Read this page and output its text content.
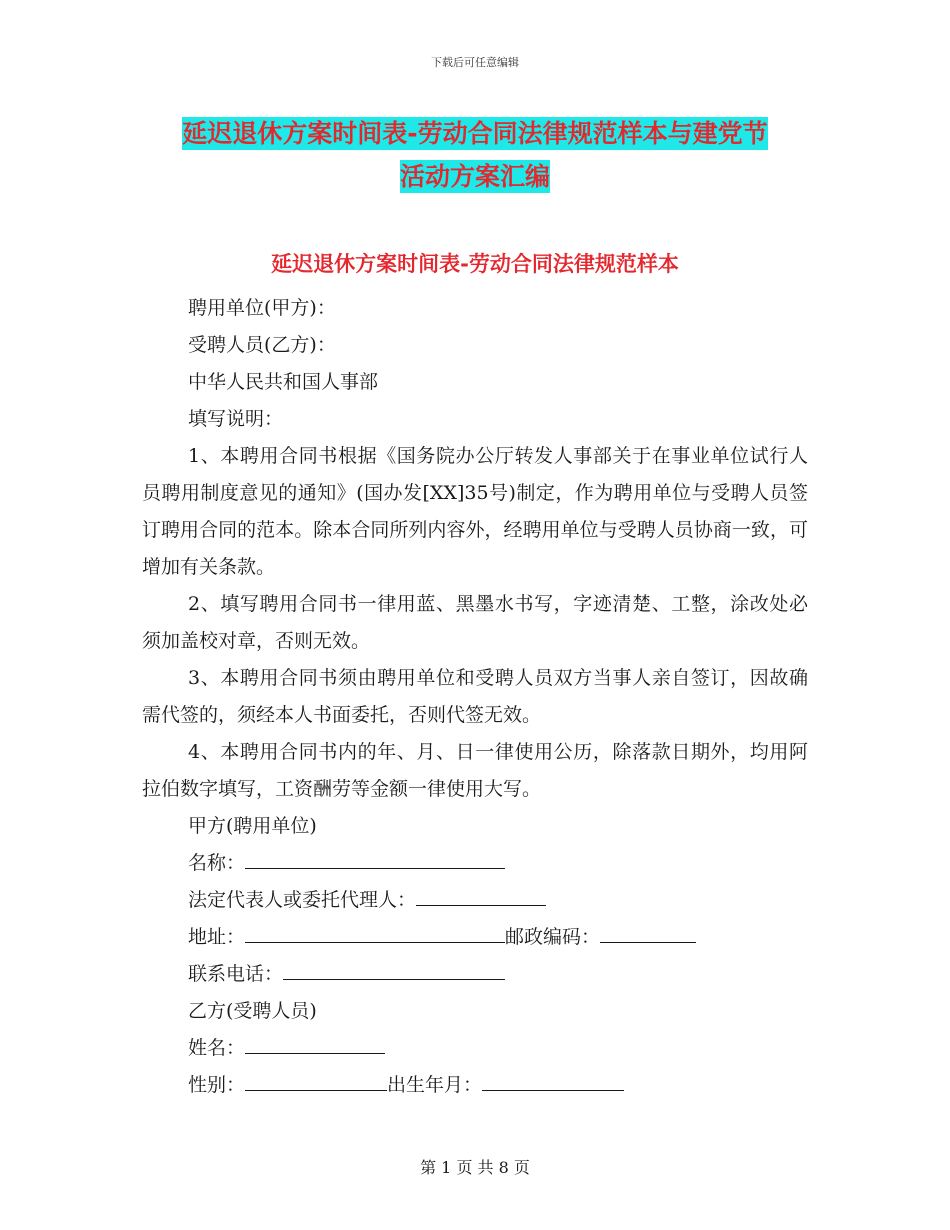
下载后可任意编辑
延迟退休方案时间表-劳动合同法律规范样本与建党节
活动方案汇编
延迟退休方案时间表-劳动合同法律规范样本

聘用单位(甲方)：

受聘人员(乙方)：

中华人民共和国人事部

填写说明：

1、本聘用合同书根据《国务院办公厅转发人事部关于在事业单位试行人员聘用制度意见的通知》(国办发[XX]35号)制定，作为聘用单位与受聘人员签订聘用合同的范本。除本合同所列内容外，经聘用单位与受聘人员协商一致，可增加有关条款。

2、填写聘用合同书一律用蓝、黑墨水书写，字迹清楚、工整，涂改处必须加盖校对章，否则无效。

3、本聘用合同书须由聘用单位和受聘人员双方当事人亲自签订，因故确需代签的，须经本人书面委托，否则代签无效。

4、本聘用合同书内的年、月、日一律使用公历，除落款日期外，均用阿拉伯数字填写，工资酬劳等金额一律使用大写。

甲方(聘用单位)

名称：

法定代表人或委托代理人：

地址：	邮政编码：

联系电话：

乙方(受聘人员)

姓名：

性别：	出生年月：

第 1 页 共 8 页
